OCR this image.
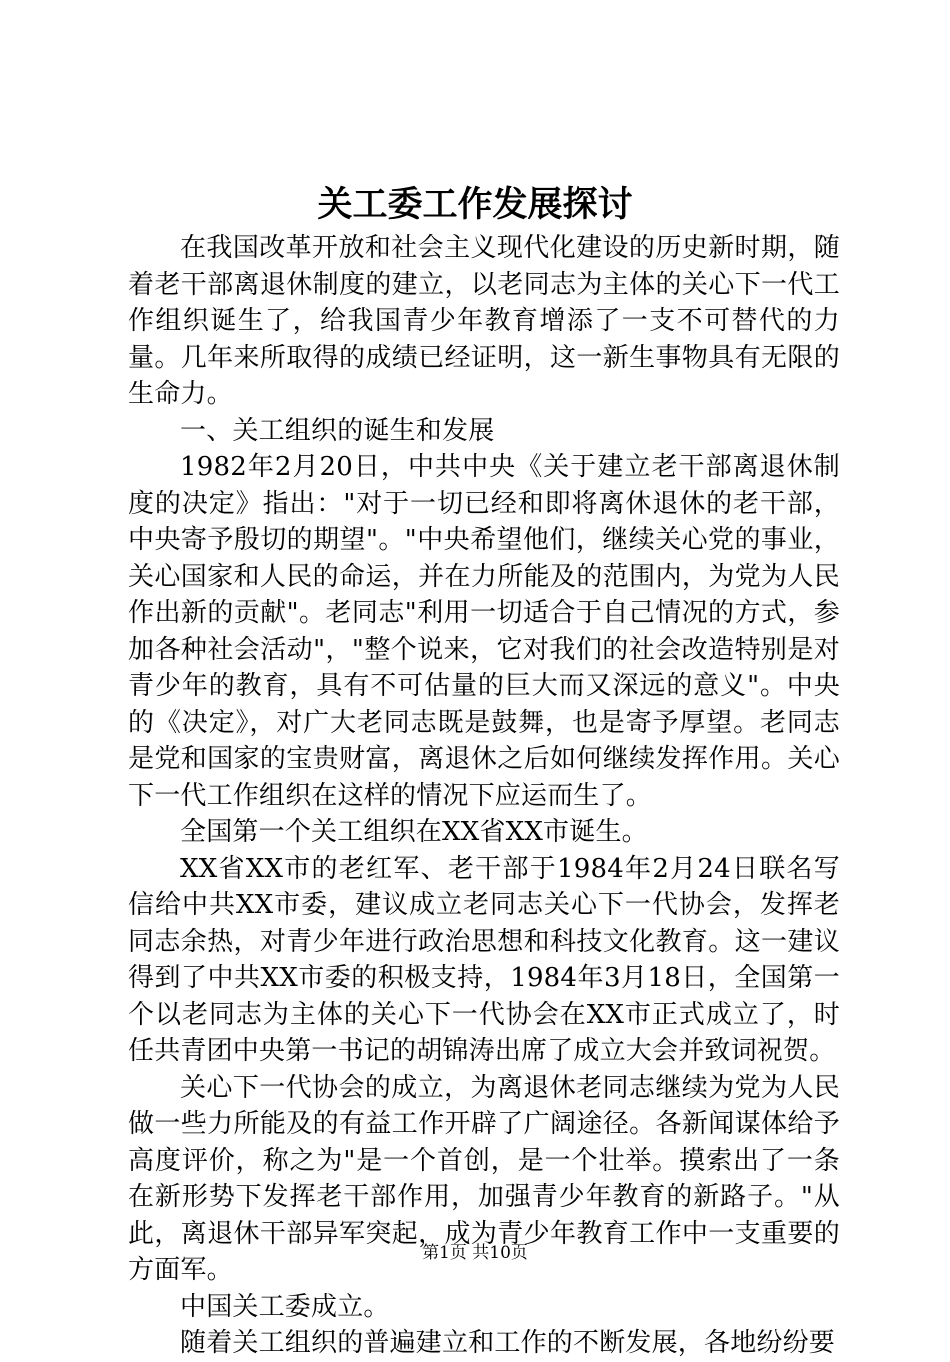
关工委工作发展探讨

在我国改革开放和社会主义现代化建设的历史新时期，随着老干部离退休制度的建立，以老同志为主体的关心下一代工作组织诞生了，给我国青少年教育增添了一支不可替代的力量。几年来所取得的成绩已经证明，这一新生事物具有无限的生命力。

一、关工组织的诞生和发展

1982年2月20日，中共中央《关于建立老干部离退休制度的决定》指出："对于一切已经和即将离休退休的老干部，中央寄予殷切的期望"。"中央希望他们，继续关心党的事业，关心国家和人民的命运，并在力所能及的范围内，为党为人民作出新的贡献"。老同志"利用一切适合于自己情况的方式，参加各种社会活动"，"整个说来，它对我们的社会改造特别是对青少年的教育，具有不可估量的巨大而又深远的意义"。中央的《决定》，对广大老同志既是鼓舞，也是寄予厚望。老同志是党和国家的宝贵财富，离退休之后如何继续发挥作用。关心下一代工作组织在这样的情况下应运而生了。

全国第一个关工组织在XX省XX市诞生。

XX省XX市的老红军、老干部于1984年2月24日联名写信给中共XX市委，建议成立老同志关心下一代协会，发挥老同志余热，对青少年进行政治思想和科技文化教育。这一建议得到了中共XX市委的积极支持，1984年3月18日，全国第一个以老同志为主体的关心下一代协会在XX市正式成立了，时任共青团中央第一书记的胡锦涛出席了成立大会并致词祝贺。

关心下一代协会的成立，为离退休老同志继续为党为人民做一些力所能及的有益工作开辟了广阔途径。各新闻谋体给予高度评价，称之为"是一个首创，是一个壮举。摸索出了一条在新形势下发挥老干部作用，加强青少年教育的新路子。"从此，离退休干部异军突起，成为青少年教育工作中一支重要的方面军。

中国关工委成立。

随着关工组织的普遍建立和工作的不断发展，各地纷纷要

第1页 共10页
